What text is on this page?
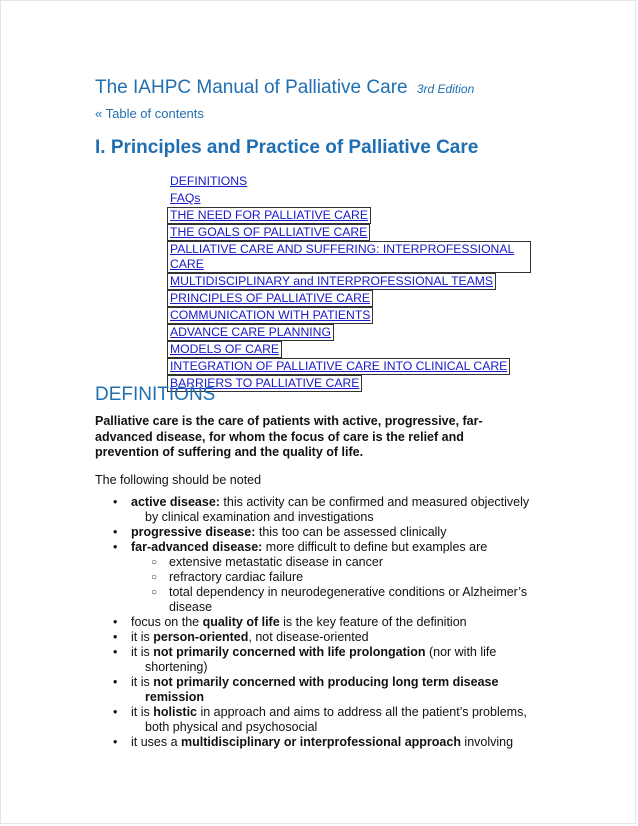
The IAHPC Manual of Palliative Care 3rd Edition
« Table of contents
I. Principles and Practice of Palliative Care
DEFINITIONS
FAQs
THE NEED FOR PALLIATIVE CARE
THE GOALS OF PALLIATIVE CARE
PALLIATIVE CARE AND SUFFERING: INTERPROFESSIONAL
CARE
MULTIDISCIPLINARY and INTERPROFESSIONAL TEAMS
PRINCIPLES OF PALLIATIVE CARE
COMMUNICATION WITH PATIENTS
ADVANCE CARE PLANNING
MODELS OF CARE
INTEGRATION OF PALLIATIVE CARE INTO CLINICAL CARE
BARRIERS TO PALLIATIVE CARE
DEFINITIONS

Palliative care is the care of patients with active, progressive, far-advanced disease, for whom the focus of care is the relief and prevention of suffering and the quality of life.

The following should be noted

• active disease: this activity can be confirmed and measured objectively
by clinical examination and investigations
• progressive disease: this too can be assessed clinically
• far-advanced disease: more difficult to define but examples are
○ extensive metastatic disease in cancer
○ refractory cardiac failure
○ total dependency in neurodegenerative conditions or Alzheimer’s
disease
• focus on the quality of life is the key feature of the definition
• it is person-oriented, not disease-oriented
• it is not primarily concerned with life prolongation (nor with life
shortening)
• it is not primarily concerned with producing long term disease
remission
• it is holistic in approach and aims to address all the patient’s problems,
both physical and psychosocial
• it uses a multidisciplinary or interprofessional approach involving
